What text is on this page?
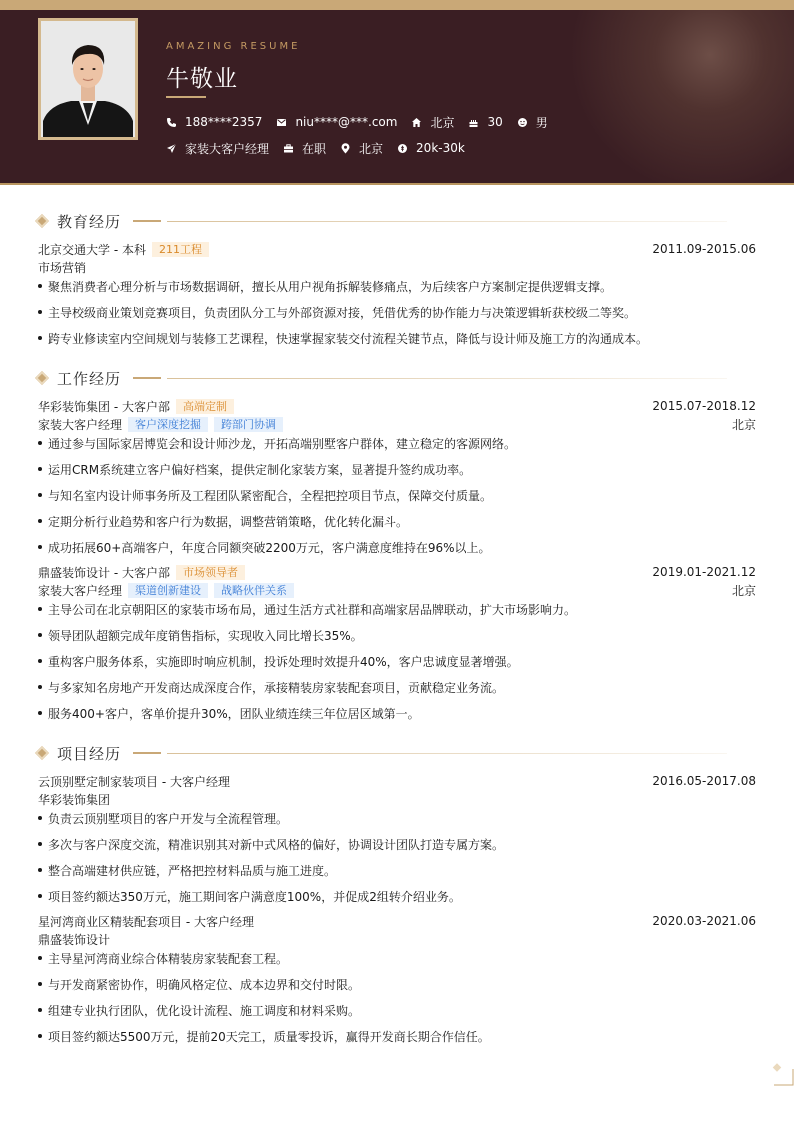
AMAZING RESUME
牛敬业
188****2357	niu****@***.com	北京	30	男
家装大客户经理	在职	北京	20k-30k
教育经历
北京交通大学 - 本科	211工程	2011.09-2015.06
市场营销
聚焦消费者心理分析与市场数据调研，擅长从用户视角拆解装修痛点，为后续客户方案制定提供逻辑支撑。
主导校级商业策划竞赛项目，负责团队分工与外部资源对接，凭借优秀的协作能力与决策逻辑斩获校级二等奖。
跨专业修读室内空间规划与装修工艺课程，快速掌握家装交付流程关键节点，降低与设计师及施工方的沟通成本。
工作经历
华彩装饰集团 - 大客户部	高端定制	2015.07-2018.12
家装大客户经理	客户深度挖掘	跨部门协调	北京
通过参与国际家居博览会和设计师沙龙，开拓高端别墅客户群体，建立稳定的客源网络。
运用CRM系统建立客户偏好档案，提供定制化家装方案，显著提升签约成功率。
与知名室内设计师事务所及工程团队紧密配合，全程把控项目节点，保障交付质量。
定期分析行业趋势和客户行为数据，调整营销策略，优化转化漏斗。
成功拓展60+高端客户，年度合同额突破2200万元，客户满意度维持在96%以上。
鼎盛装饰设计 - 大客户部	市场领导者	2019.01-2021.12
家装大客户经理	渠道创新建设	战略伙伴关系	北京
主导公司在北京朝阳区的家装市场布局，通过生活方式社群和高端家居品牌联动，扩大市场影响力。
领导团队超额完成年度销售指标，实现收入同比增长35%。
重构客户服务体系，实施即时响应机制，投诉处理时效提升40%，客户忠诚度显著增强。
与多家知名房地产开发商达成深度合作，承接精装房家装配套项目，贡献稳定业务流。
服务400+客户，客单价提升30%，团队业绩连续三年位居区域第一。
项目经历
云顶别墅定制家装项目 - 大客户经理	2016.05-2017.08
华彩装饰集团
负责云顶别墅项目的客户开发与全流程管理。
多次与客户深度交流，精准识别其对新中式风格的偏好，协调设计团队打造专属方案。
整合高端建材供应链，严格把控材料品质与施工进度。
项目签约额达350万元，施工期间客户满意度100%，并促成2组转介绍业务。
星河湾商业区精装配套项目 - 大客户经理	2020.03-2021.06
鼎盛装饰设计
主导星河湾商业综合体精装房家装配套工程。
与开发商紧密协作，明确风格定位、成本边界和交付时限。
组建专业执行团队，优化设计流程、施工调度和材料采购。
项目签约额达5500万元，提前20天完工，质量零投诉，赢得开发商长期合作信任。
